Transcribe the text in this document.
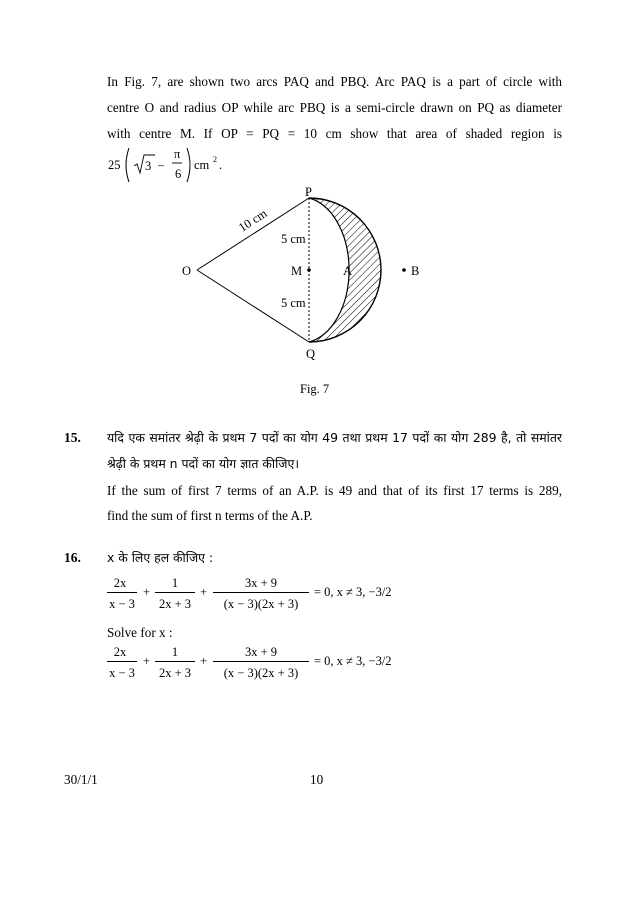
In Fig. 7, are shown two arcs PAQ and PBQ. Arc PAQ is a part of circle with
centre O and radius OP while arc PBQ is a semi-circle drawn on PQ as diameter
with centre M. If OP = PQ = 10 cm show that area of shaded region is
25 3 –
π
6
cm 2 .
P
Q
O	M	A	B
10 cm
5 cm
5 cm
Fig. 7
15. यदि एक समांतर श्रेढ़ी के प्रथम 7 पदों का योग 49 तथा प्रथम 17 पदों का योग 289 है, तो समांतर
श्रेढ़ी के प्रथम n पदों का योग ज्ञात कीजिए।
If the sum of first 7 terms of an A.P. is 49 and that of its first 17 terms is 289,
find the sum of first n terms of the A.P.
16. x के लिए हल कीजिए :
2x
x − 3
+
1
2x + 3
+
3x + 9
(x − 3)(2x + 3)
= 0, x ≠ 3, −3/2
Solve for x :
2x
x − 3
+
1
2x + 3
+
3x + 9
(x − 3)(2x + 3)
= 0, x ≠ 3, −3/2
30/1/1	10
